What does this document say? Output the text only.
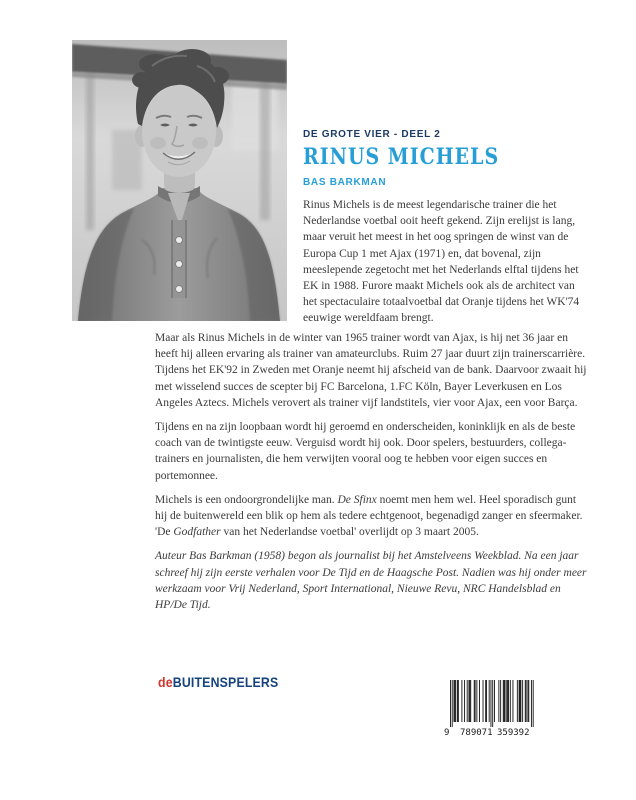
DE GROTE VIER - DEEL 2
RINUS MICHELS
BAS BARKMAN
Rinus Michels is de meest legendarische trainer die het Nederlandse voetbal ooit heeft gekend. Zijn erelijst is lang, maar veruit het meest in het oog springen de winst van de Europa Cup 1 met Ajax (1971) en, dat bovenal, zijn meeslepende zegetocht met het Nederlands elftal tijdens het EK in 1988. Furore maakt Michels ook als de architect van het spectaculaire totaalvoetbal dat Oranje tijdens het WK'74 eeuwige wereldfaam brengt.

Maar als Rinus Michels in de winter van 1965 trainer wordt van Ajax, is hij net 36 jaar en heeft hij alleen ervaring als trainer van amateurclubs. Ruim 27 jaar duurt zijn trainerscarrière. Tijdens het EK'92 in Zweden met Oranje neemt hij afscheid van de bank. Daarvoor zwaait hij met wisselend succes de scepter bij FC Barcelona, 1.FC Köln, Bayer Leverkusen en Los Angeles Aztecs. Michels verovert als trainer vijf landstitels, vier voor Ajax, een voor Barça.

Tijdens en na zijn loopbaan wordt hij geroemd en onderscheiden, koninklijk en als de beste coach van de twintigste eeuw. Verguisd wordt hij ook. Door spelers, bestuurders, collega-trainers en journalisten, die hem verwijten vooral oog te hebben voor eigen succes en portemonnee.

Michels is een ondoorgrondelijke man. De Sfinx noemt men hem wel. Heel sporadisch gunt hij de buitenwereld een blik op hem als tedere echtgenoot, begenadigd zanger en sfeermaker. 'De Godfather van het Nederlandse voetbal' overlijdt op 3 maart 2005.

Auteur Bas Barkman (1958) begon als journalist bij het Amstelveens Weekblad. Na een jaar schreef hij zijn eerste verhalen voor De Tijd en de Haagsche Post. Nadien was hij onder meer werkzaam voor Vrij Nederland, Sport International, Nieuwe Revu, NRC Handelsblad en HP/De Tijd.

deBUITENSPELERS
9 789071 359392
